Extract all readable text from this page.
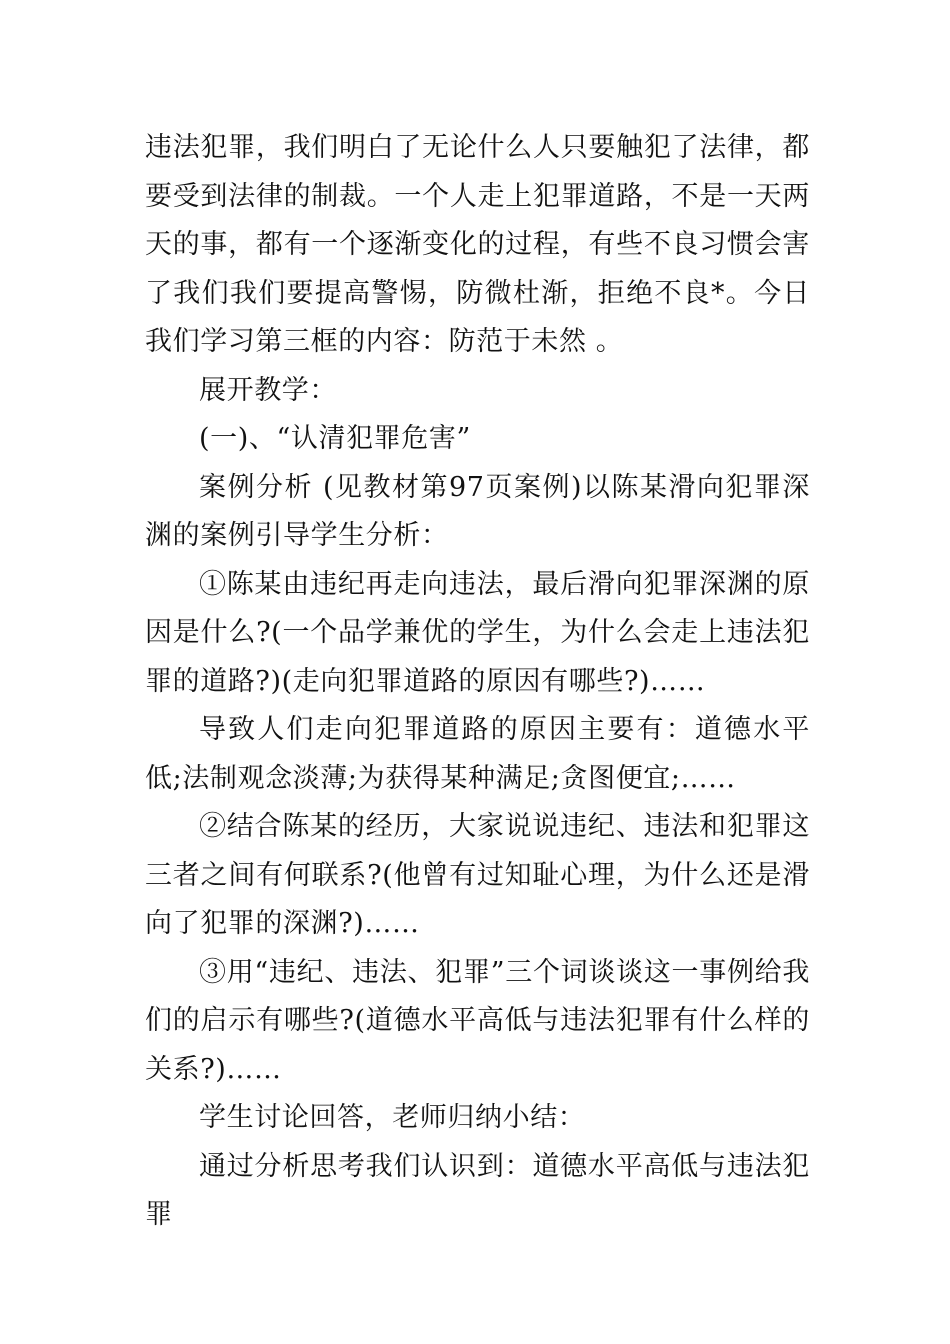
违法犯罪，我们明白了无论什么人只要触犯了法律，都要受到法律的制裁。一个人走上犯罪道路，不是一天两天的事，都有一个逐渐变化的过程，有些不良习惯会害了我们我们要提高警惕，防微杜渐，拒绝不良*。今日我们学习第三框的内容：防范于未然 。

展开教学：

(一)、“认清犯罪危害”

案例分析 (见教材第97页案例)以陈某滑向犯罪深渊的案例引导学生分析：

①陈某由违纪再走向违法，最后滑向犯罪深渊的原因是什么?(一个品学兼优的学生，为什么会走上违法犯罪的道路?)(走向犯罪道路的原因有哪些?)……

导致人们走向犯罪道路的原因主要有：道德水平低;法制观念淡薄;为获得某种满足;贪图便宜;……

②结合陈某的经历，大家说说违纪、违法和犯罪这三者之间有何联系?(他曾有过知耻心理，为什么还是滑向了犯罪的深渊?)……

③用“违纪、违法、犯罪”三个词谈谈这一事例给我们的启示有哪些?(道德水平高低与违法犯罪有什么样的关系?)……

学生讨论回答，老师归纳小结：

通过分析思考我们认识到：道德水平高低与违法犯罪
